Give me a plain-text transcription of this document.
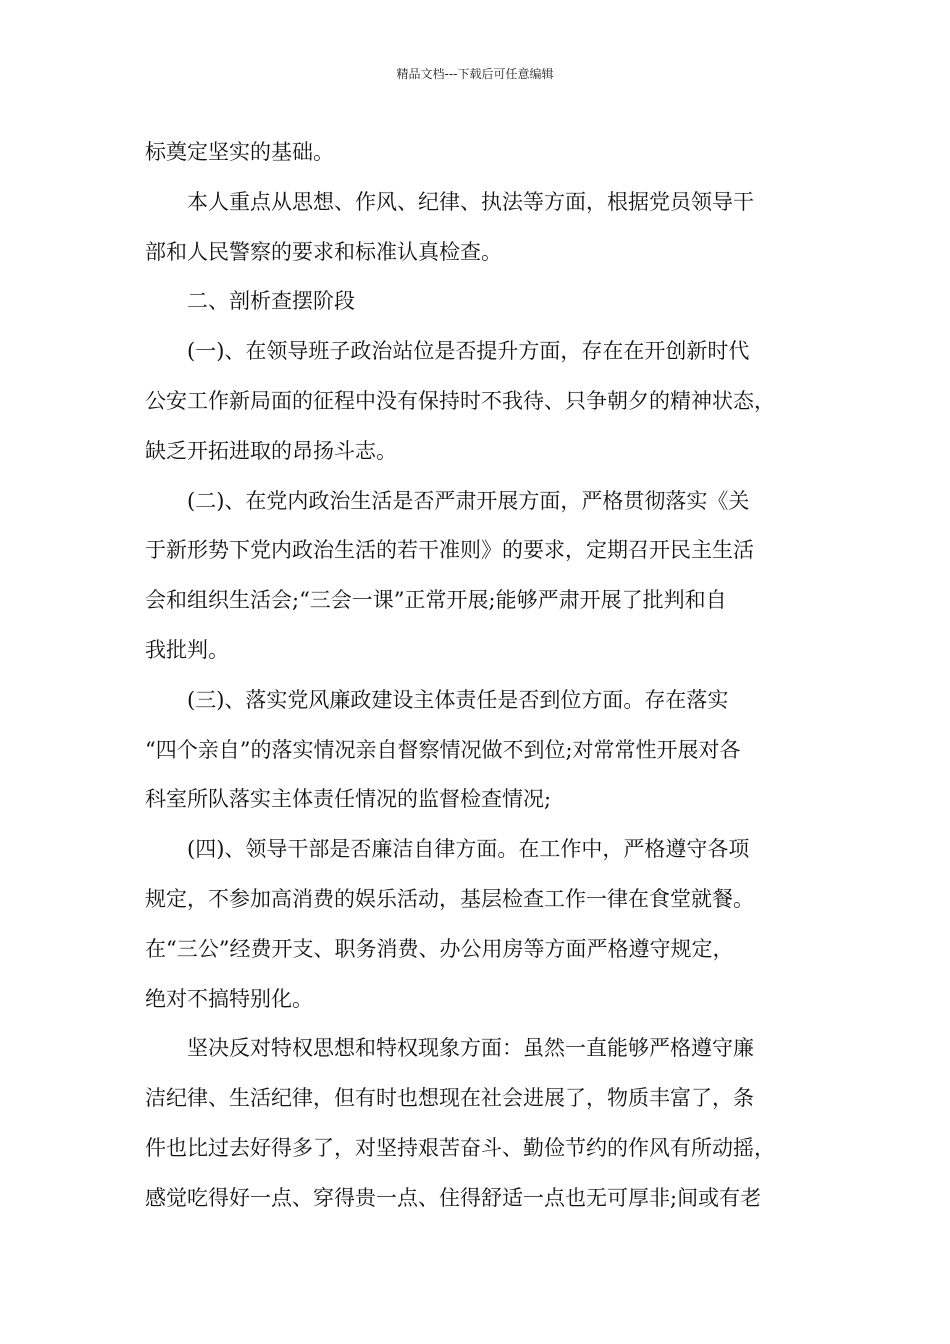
精品文档---下载后可任意编辑
标奠定坚实的基础。
本人重点从思想、作风、纪律、执法等方面，根据党员领导干
部和人民警察的要求和标准认真检查。
二、剖析查摆阶段
(一)、在领导班子政治站位是否提升方面，存在在开创新时代
公安工作新局面的征程中没有保持时不我待、只争朝夕的精神状态，
缺乏开拓进取的昂扬斗志。
(二)、在党内政治生活是否严肃开展方面，严格贯彻落实《关
于新形势下党内政治生活的若干准则》的要求，定期召开民主生活
会和组织生活会;“三会一课”正常开展;能够严肃开展了批判和自
我批判。
(三)、落实党风廉政建设主体责任是否到位方面。存在落实
“四个亲自”的落实情况亲自督察情况做不到位;对常常性开展对各
科室所队落实主体责任情况的监督检查情况;
(四)、领导干部是否廉洁自律方面。在工作中，严格遵守各项
规定，不参加高消费的娱乐活动，基层检查工作一律在食堂就餐。
在“三公”经费开支、职务消费、办公用房等方面严格遵守规定，
绝对不搞特别化。
坚决反对特权思想和特权现象方面：虽然一直能够严格遵守廉
洁纪律、生活纪律，但有时也想现在社会进展了，物质丰富了，条
件也比过去好得多了，对坚持艰苦奋斗、勤俭节约的作风有所动摇，
感觉吃得好一点、穿得贵一点、住得舒适一点也无可厚非;间或有老
